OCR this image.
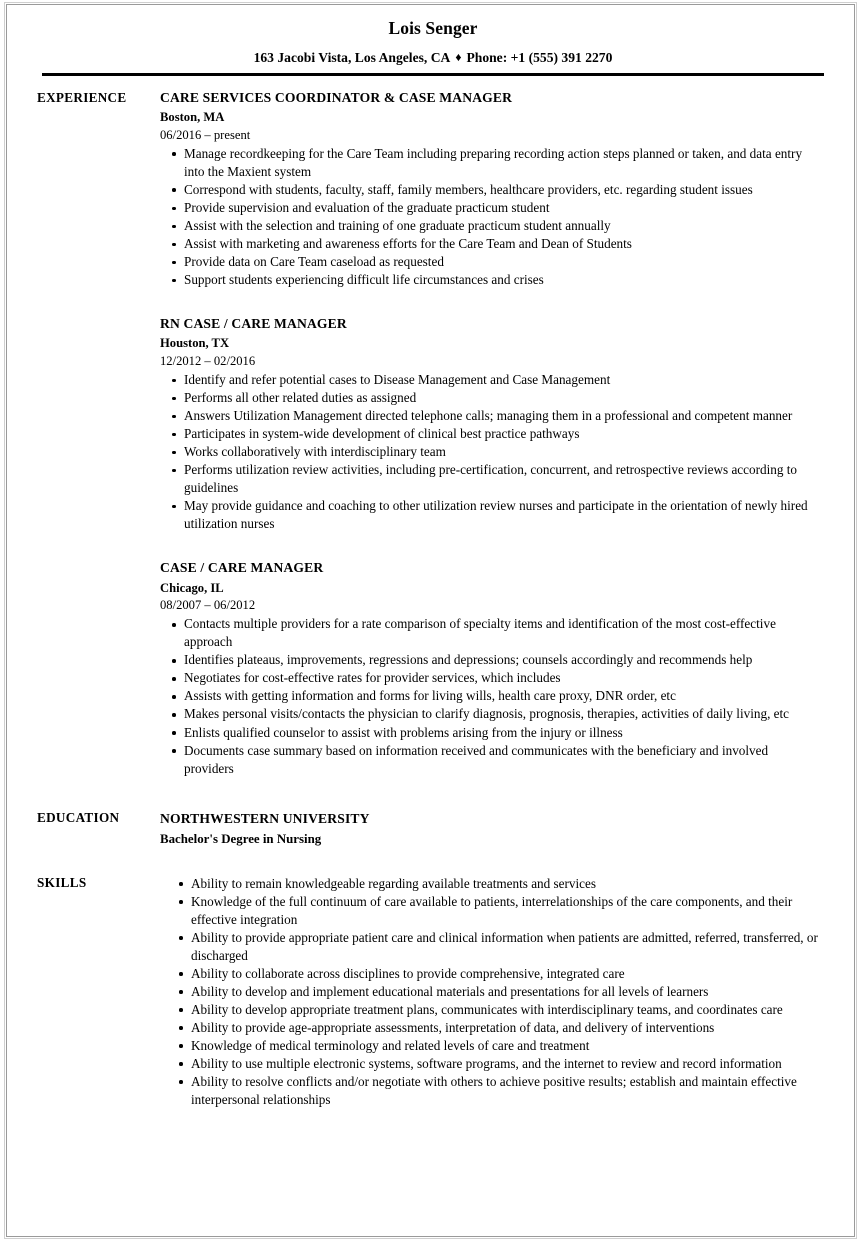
Lois Senger
163 Jacobi Vista, Los Angeles, CA ♦ Phone: +1 (555) 391 2270
EXPERIENCE	CARE SERVICES COORDINATOR & CASE MANAGER
Boston, MA
06/2016 – present
Manage recordkeeping for the Care Team including preparing recording action steps planned or taken, and data entry into the Maxient system
Correspond with students, faculty, staff, family members, healthcare providers, etc. regarding student issues
Provide supervision and evaluation of the graduate practicum student
Assist with the selection and training of one graduate practicum student annually
Assist with marketing and awareness efforts for the Care Team and Dean of Students
Provide data on Care Team caseload as requested
Support students experiencing difficult life circumstances and crises
RN CASE / CARE MANAGER
Houston, TX
12/2012 – 02/2016
Identify and refer potential cases to Disease Management and Case Management
Performs all other related duties as assigned
Answers Utilization Management directed telephone calls; managing them in a professional and competent manner
Participates in system-wide development of clinical best practice pathways
Works collaboratively with interdisciplinary team
Performs utilization review activities, including pre-certification, concurrent, and retrospective reviews according to guidelines
May provide guidance and coaching to other utilization review nurses and participate in the orientation of newly hired utilization nurses
CASE / CARE MANAGER
Chicago, IL
08/2007 – 06/2012
Contacts multiple providers for a rate comparison of specialty items and identification of the most cost-effective approach
Identifies plateaus, improvements, regressions and depressions; counsels accordingly and recommends help
Negotiates for cost-effective rates for provider services, which includes
Assists with getting information and forms for living wills, health care proxy, DNR order, etc
Makes personal visits/contacts the physician to clarify diagnosis, prognosis, therapies, activities of daily living, etc
Enlists qualified counselor to assist with problems arising from the injury or illness
Documents case summary based on information received and communicates with the beneficiary and involved providers
EDUCATION	NORTHWESTERN UNIVERSITY
Bachelor's Degree in Nursing
SKILLS	Ability to remain knowledgeable regarding available treatments and services
Knowledge of the full continuum of care available to patients, interrelationships of the care components, and their effective integration
Ability to provide appropriate patient care and clinical information when patients are admitted, referred, transferred, or discharged
Ability to collaborate across disciplines to provide comprehensive, integrated care
Ability to develop and implement educational materials and presentations for all levels of learners
Ability to develop appropriate treatment plans, communicates with interdisciplinary teams, and coordinates care
Ability to provide age-appropriate assessments, interpretation of data, and delivery of interventions
Knowledge of medical terminology and related levels of care and treatment
Ability to use multiple electronic systems, software programs, and the internet to review and record information
Ability to resolve conflicts and/or negotiate with others to achieve positive results; establish and maintain effective interpersonal relationships
